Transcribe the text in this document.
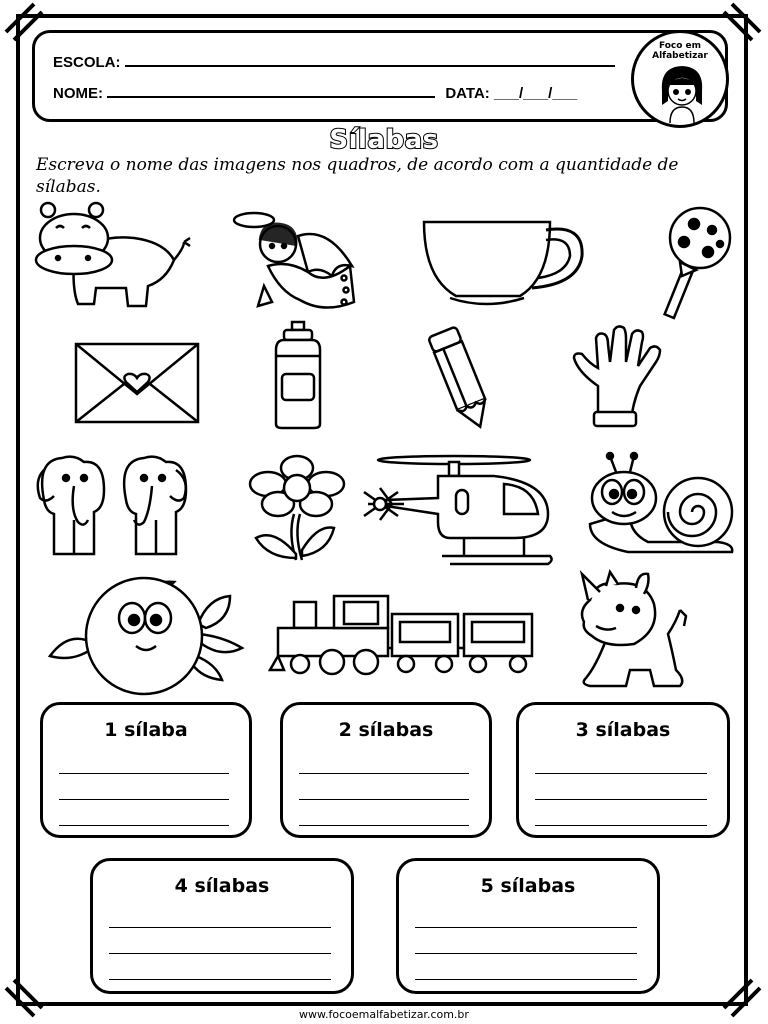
ESCOLA:
NOME:	DATA: ___/___/___
Foco em
Alfabetizar
Sílabas
Escreva o nome das imagens nos quadros, de acordo com a quantidade de sílabas.
1 sílaba	2 sílabas	3 sílabas
4 sílabas	5 sílabas
www.focoemalfabetizar.com.br
